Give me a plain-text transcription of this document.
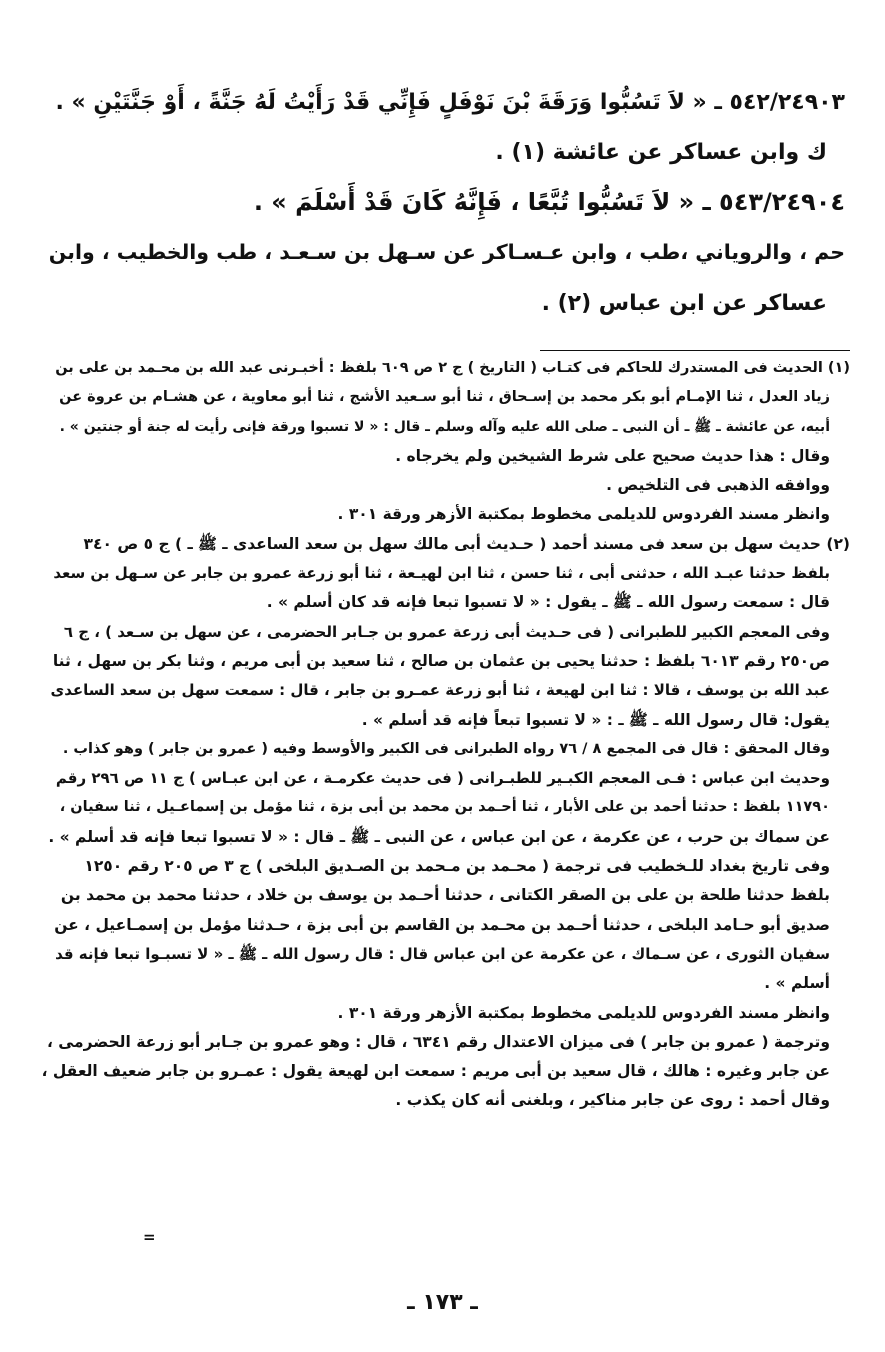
٥٤٢/٢٤٩٠٣ ـ « لاَ تَسُبُّوا وَرَقَةَ بْنَ نَوْفَلٍ فَإِنِّي قَدْ رَأَيْتُ لَهُ جَنَّةً ، أَوْ جَنَّتَيْنِ » .
ك وابن عساكر عن عائشة (١) .
٥٤٣/٢٤٩٠٤ ـ « لاَ تَسُبُّوا تُبَّعًا ، فَإِنَّهُ كَانَ قَدْ أَسْلَمَ » .
حم ، والروياني ،طب ، وابن عـسـاكر عن سـهل بن سـعـد ، طب والخطيب ، وابن
عساكر عن ابن عباس (٢) .
(١) الحديث فى المستدرك للحاكم فى كتـاب ( التاريخ ) ج ٢ ص ٦٠٩ بلفظ : أخبـرنى عبد الله بن محـمد بن على بن
زياد العدل ، ثنا الإمـام أبو بكر محمد بن إسـحاق ، ثنا أبو سـعيد الأشج ، ثنا أبو معاوية ، عن هشـام بن عروة عن
أبيه، عن عائشة ـ ﷺ ـ أن النبى ـ صلى الله عليه وآله وسلم ـ قال : « لا تسبوا ورقة فإنى رأيت له جنة أو جنتين » .
وقال : هذا حديث صحيح على شرط الشيخين ولم يخرجاه .
ووافقه الذهبى فى التلخيص .
وانظر مسند الفردوس للديلمى مخطوط بمكتبة الأزهر ورقة ٣٠١ .
(٢) حديث سهل بن سعد فى مسند أحمد ( حـديث أبى مالك سهل بن سعد الساعدى ـ ﷺ ـ ) ج ٥ ص ٣٤٠
بلفظ حدثنا عبـد الله ، حدثنى أبى ، ثنا حسن ، ثنا ابن لهيـعة ، ثنا أبو زرعة عمرو بن جابر عن سـهل بن سعد
قال : سمعت رسول الله ـ ﷺ ـ يقول : « لا تسبوا تبعا فإنه قد كان أسلم » .
وفى المعجم الكبير للطبرانى ( فى حـديث أبى زرعة عمرو بن جـابر الحضرمى ، عن سهل بن سـعد ) ، ج ٦
ص٢٥٠ رقم ٦٠١٣ بلفظ : حدثنا يحيى بن عثمان بن صالح ، ثنا سعيد بن أبى مريم ، وثنا بكر بن سهل ، ثنا
عبد الله بن يوسف ، قالا : ثنا ابن لهيعة ، ثنا أبو زرعة عمـرو بن جابر ، قال : سمعت سهل بن سعد الساعدى
يقول: قال رسول الله ـ ﷺ ـ : « لا تسبوا تبعاً فإنه قد أسلم » .
وقال المحقق : قال فى المجمع ٨ / ٧٦ رواه الطبرانى فى الكبير والأوسط وفيه ( عمرو بن جابر ) وهو كذاب .
وحديث ابن عباس : فـى المعجم الكبـير للطبـرانى ( فى حديث عكرمـة ، عن ابن عبـاس ) ج ١١ ص ٢٩٦ رقم
١١٧٩٠ بلفظ : حدثنا أحمد بن على الأبار ، ثنا أحـمد بن محمد بن أبى بزة ، ثنا مؤمل بن إسماعـيل ، ثنا سفيان ،
عن سماك بن حرب ، عن عكرمة ، عن ابن عباس ، عن النبى ـ ﷺ ـ قال : « لا تسبوا تبعا فإنه قد أسلم » .
وفى تاريخ بغداد للـخطيب فى ترجمة ( محـمد بن مـحمد بن الصـديق البلخى ) ج ٣ ص ٢٠٥ رقم ١٢٥٠
بلفظ حدثنا طلحة بن على بن الصقر الكتانى ، حدثنا أحـمد بن يوسف بن خلاد ، حدثنا محمد بن محمد بن
صديق أبو حـامد البلخى ، حدثنا أحـمد بن محـمد بن القاسم بن أبى بزة ، حـدثنا مؤمل بن إسمـاعيل ، عن
سفيان الثورى ، عن سـماك ، عن عكرمة عن ابن عباس قال : قال رسول الله ـ ﷺ ـ « لا تسبـوا تبعا فإنه قد
أسلم » .
وانظر مسند الفردوس للديلمى مخطوط بمكتبة الأزهر ورقة ٣٠١ .
وترجمة ( عمرو بن جابر ) فى ميزان الاعتدال رقم ٦٣٤١ ، قال : وهو عمرو بن جـابر أبو زرعة الحضرمى ،
عن جابر وغيره : هالك ، قال سعيد بن أبى مريم : سمعت ابن لهيعة يقول : عمـرو بن جابر ضعيف العقل ،
وقال أحمد : روى عن جابر مناكير ، وبلغنى أنه كان يكذب .
=
ـ ١٧٣ ـ
